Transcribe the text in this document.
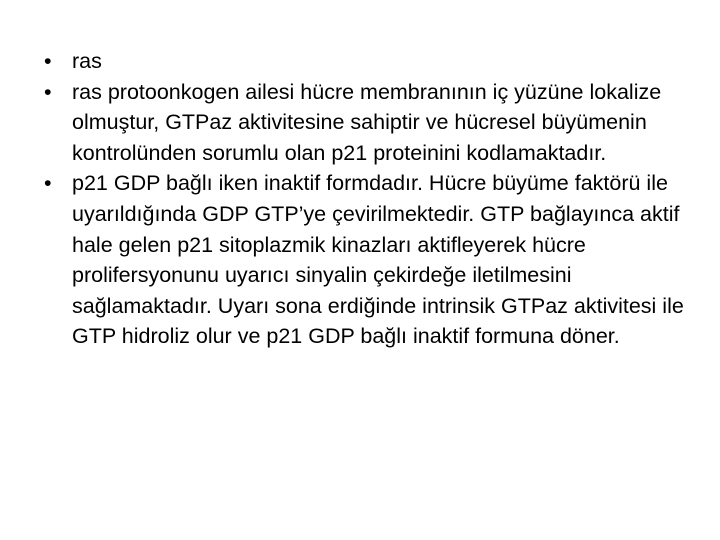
• ras
• ras protoonkogen ailesi hücre membranının iç yüzüne lokalize olmuştur, GTPaz aktivitesine sahiptir ve hücresel büyümenin kontrolünden sorumlu olan p21 proteinini kodlamaktadır.
• p21 GDP bağlı iken inaktif formdadır. Hücre büyüme faktörü ile uyarıldığında GDP GTP’ye çevirilmektedir. GTP bağlayınca aktif hale gelen p21 sitoplazmik kinazları aktifleyerek hücre prolifersyonunu uyarıcı sinyalin çekirdeğe iletilmesini sağlamaktadır. Uyarı sona erdiğinde intrinsik GTPaz aktivitesi ile GTP hidroliz olur ve p21 GDP bağlı inaktif formuna döner.
